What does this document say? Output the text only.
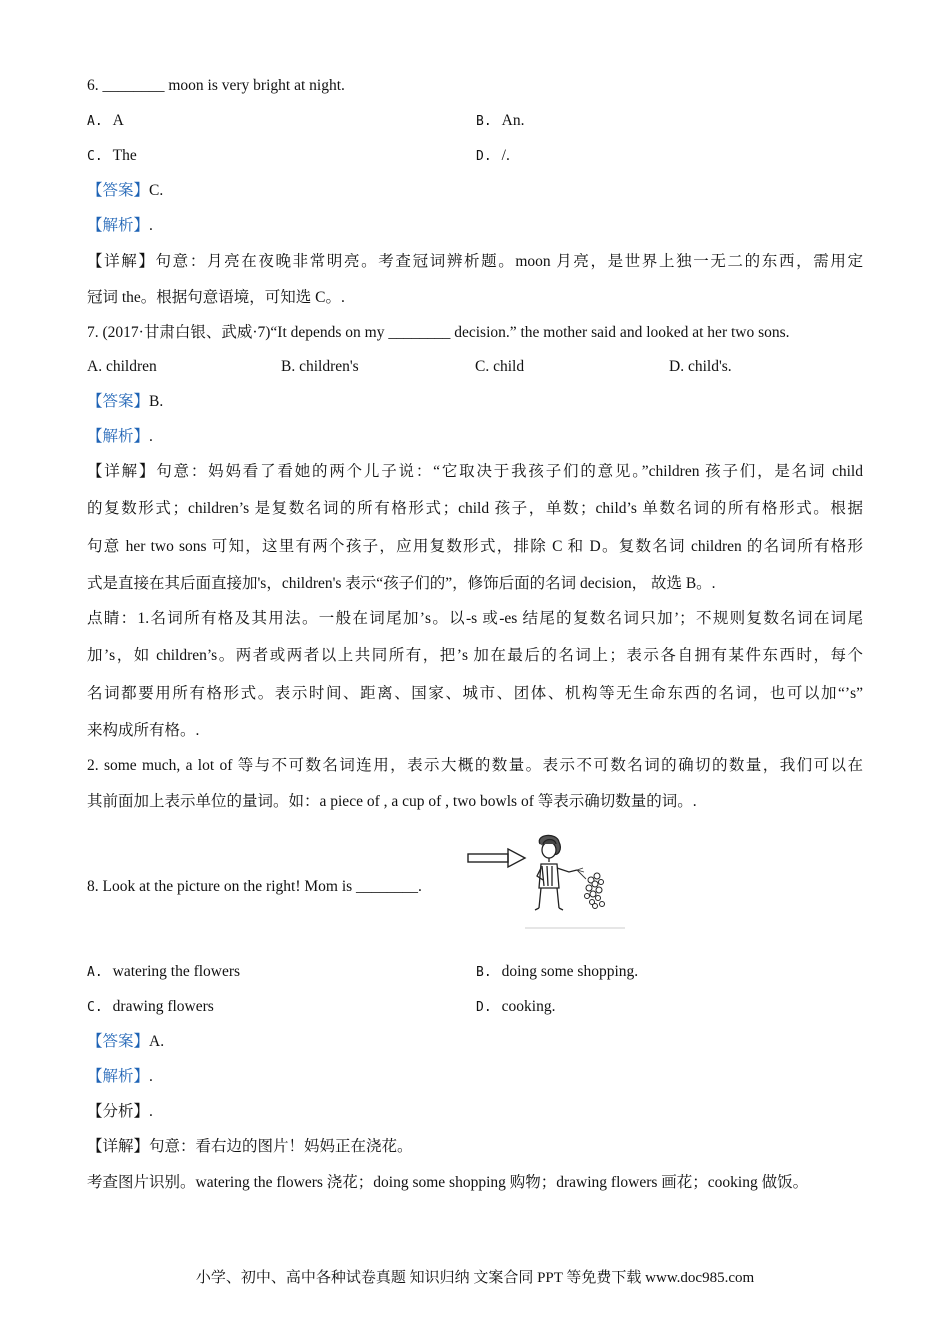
6. ________ moon is very bright at night.
A. A	B. An.
C. The	D. /.
【答案】C.
【解析】.
【详解】句意：月亮在夜晚非常明亮。考查冠词辨析题。moon 月亮，是世界上独一无二的东西，需用定
冠词 the。根据句意语境，可知选 C。.
7. (2017·甘肃白银、武威·7)“It depends on my ________ decision.” the mother said and looked at her two sons.
A. children	B. children's	C. child	D. child's.
【答案】B.
【解析】.
【详解】句意：妈妈看了看她的两个儿子说：“它取决于我孩子们的意见。”children 孩子们，是名词 child
的复数形式；children’s 是复数名词的所有格形式；child 孩子，单数；child’s 单数名词的所有格形式。根据
句意 her two sons 可知，这里有两个孩子，应用复数形式，排除 C 和 D。复数名词 children 的名词所有格形
式是直接在其后面直接加's，children's 表示“孩子们的”，修饰后面的名词 decision， 故选 B。.
点睛：1.名词所有格及其用法。一般在词尾加’s。以-s 或-es 结尾的复数名词只加’；不规则复数名词在词尾
加’s，如 children’s。两者或两者以上共同所有，把’s 加在最后的名词上；表示各自拥有某件东西时，每个
名词都要用所有格形式。表示时间、距离、国家、城市、团体、机构等无生命东西的名词，也可以加“’s”
来构成所有格。.
2. some much, a lot of 等与不可数名词连用，表示大概的数量。表示不可数名词的确切的数量，我们可以在
其前面加上表示单位的量词。如：a piece of , a cup of , two bowls of 等表示确切数量的词。.
8. Look at the picture on the right! Mom is ________.
A. watering the flowers	B. doing some shopping.
C. drawing flowers	D. cooking.
【答案】A.
【解析】.
【分析】.
【详解】句意：看右边的图片！妈妈正在浇花。
考查图片识别。watering the flowers 浇花；doing some shopping 购物；drawing flowers 画花；cooking 做饭。
小学、初中、高中各种试卷真题 知识归纳 文案合同 PPT 等免费下载 www.doc985.com
